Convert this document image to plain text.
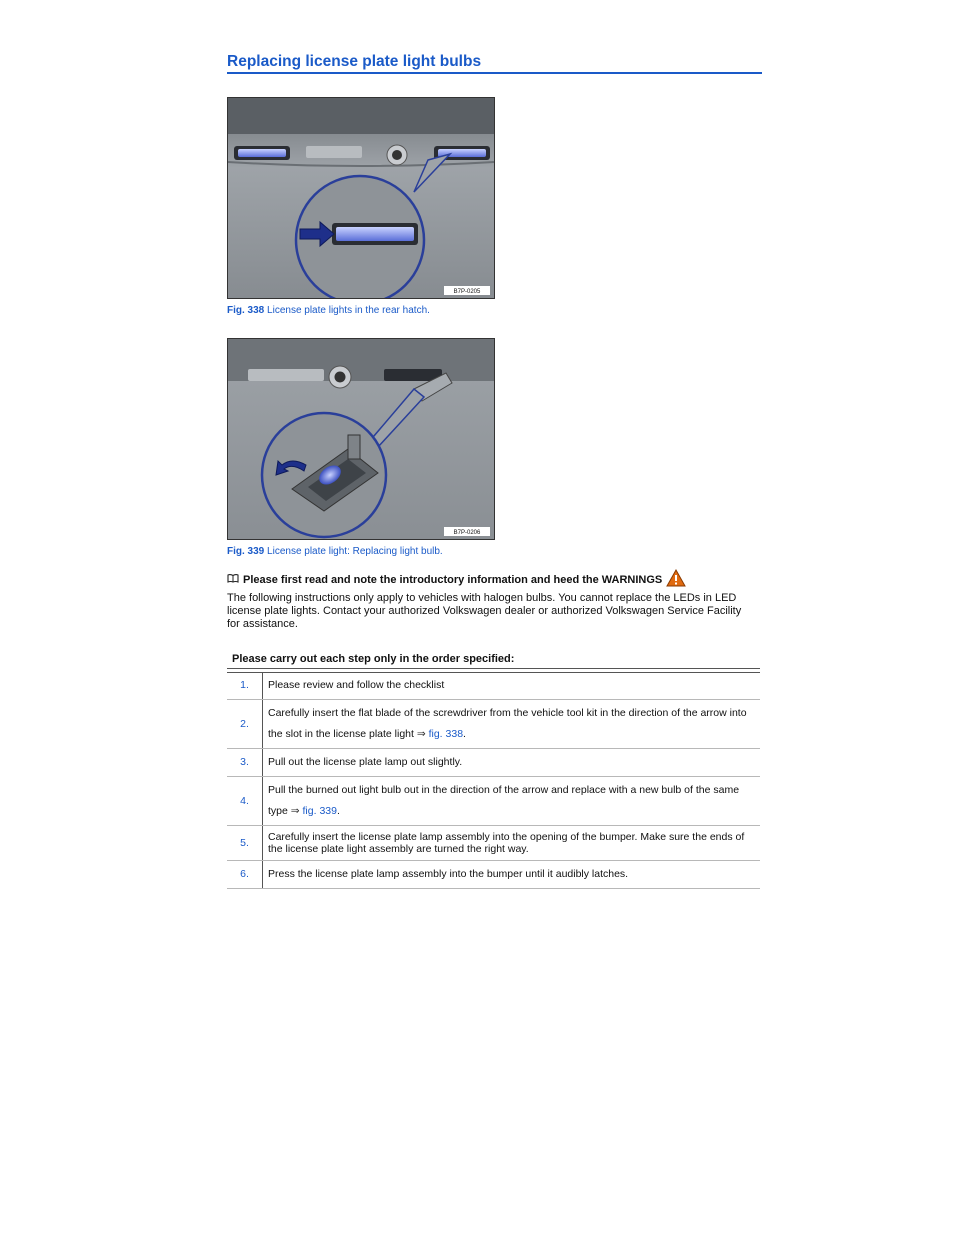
Replacing license plate light bulbs
B7P-0205
Fig. 338 License plate lights in the rear hatch.
B7P-0206
Fig. 339 License plate light: Replacing light bulb.
Please first read and note the introductory information and heed the WARNINGS
The following instructions only apply to vehicles with halogen bulbs. You cannot replace the LEDs in LED license plate lights. Contact your authorized Volkswagen dealer or authorized Volkswagen Service Facility for assistance.
Please carry out each step only in the order specified:
1.	Please review and follow the checklist
2.	Carefully insert the flat blade of the screwdriver from the vehicle tool kit in the direction of the arrow into the slot in the license plate light ⇒ fig. 338.
3.	Pull out the license plate lamp out slightly.
4.	Pull the burned out light bulb out in the direction of the arrow and replace with a new bulb of the same type ⇒ fig. 339.
5.	Carefully insert the license plate lamp assembly into the opening of the bumper. Make sure the ends of the license plate light assembly are turned the right way.
6.	Press the license plate lamp assembly into the bumper until it audibly latches.
